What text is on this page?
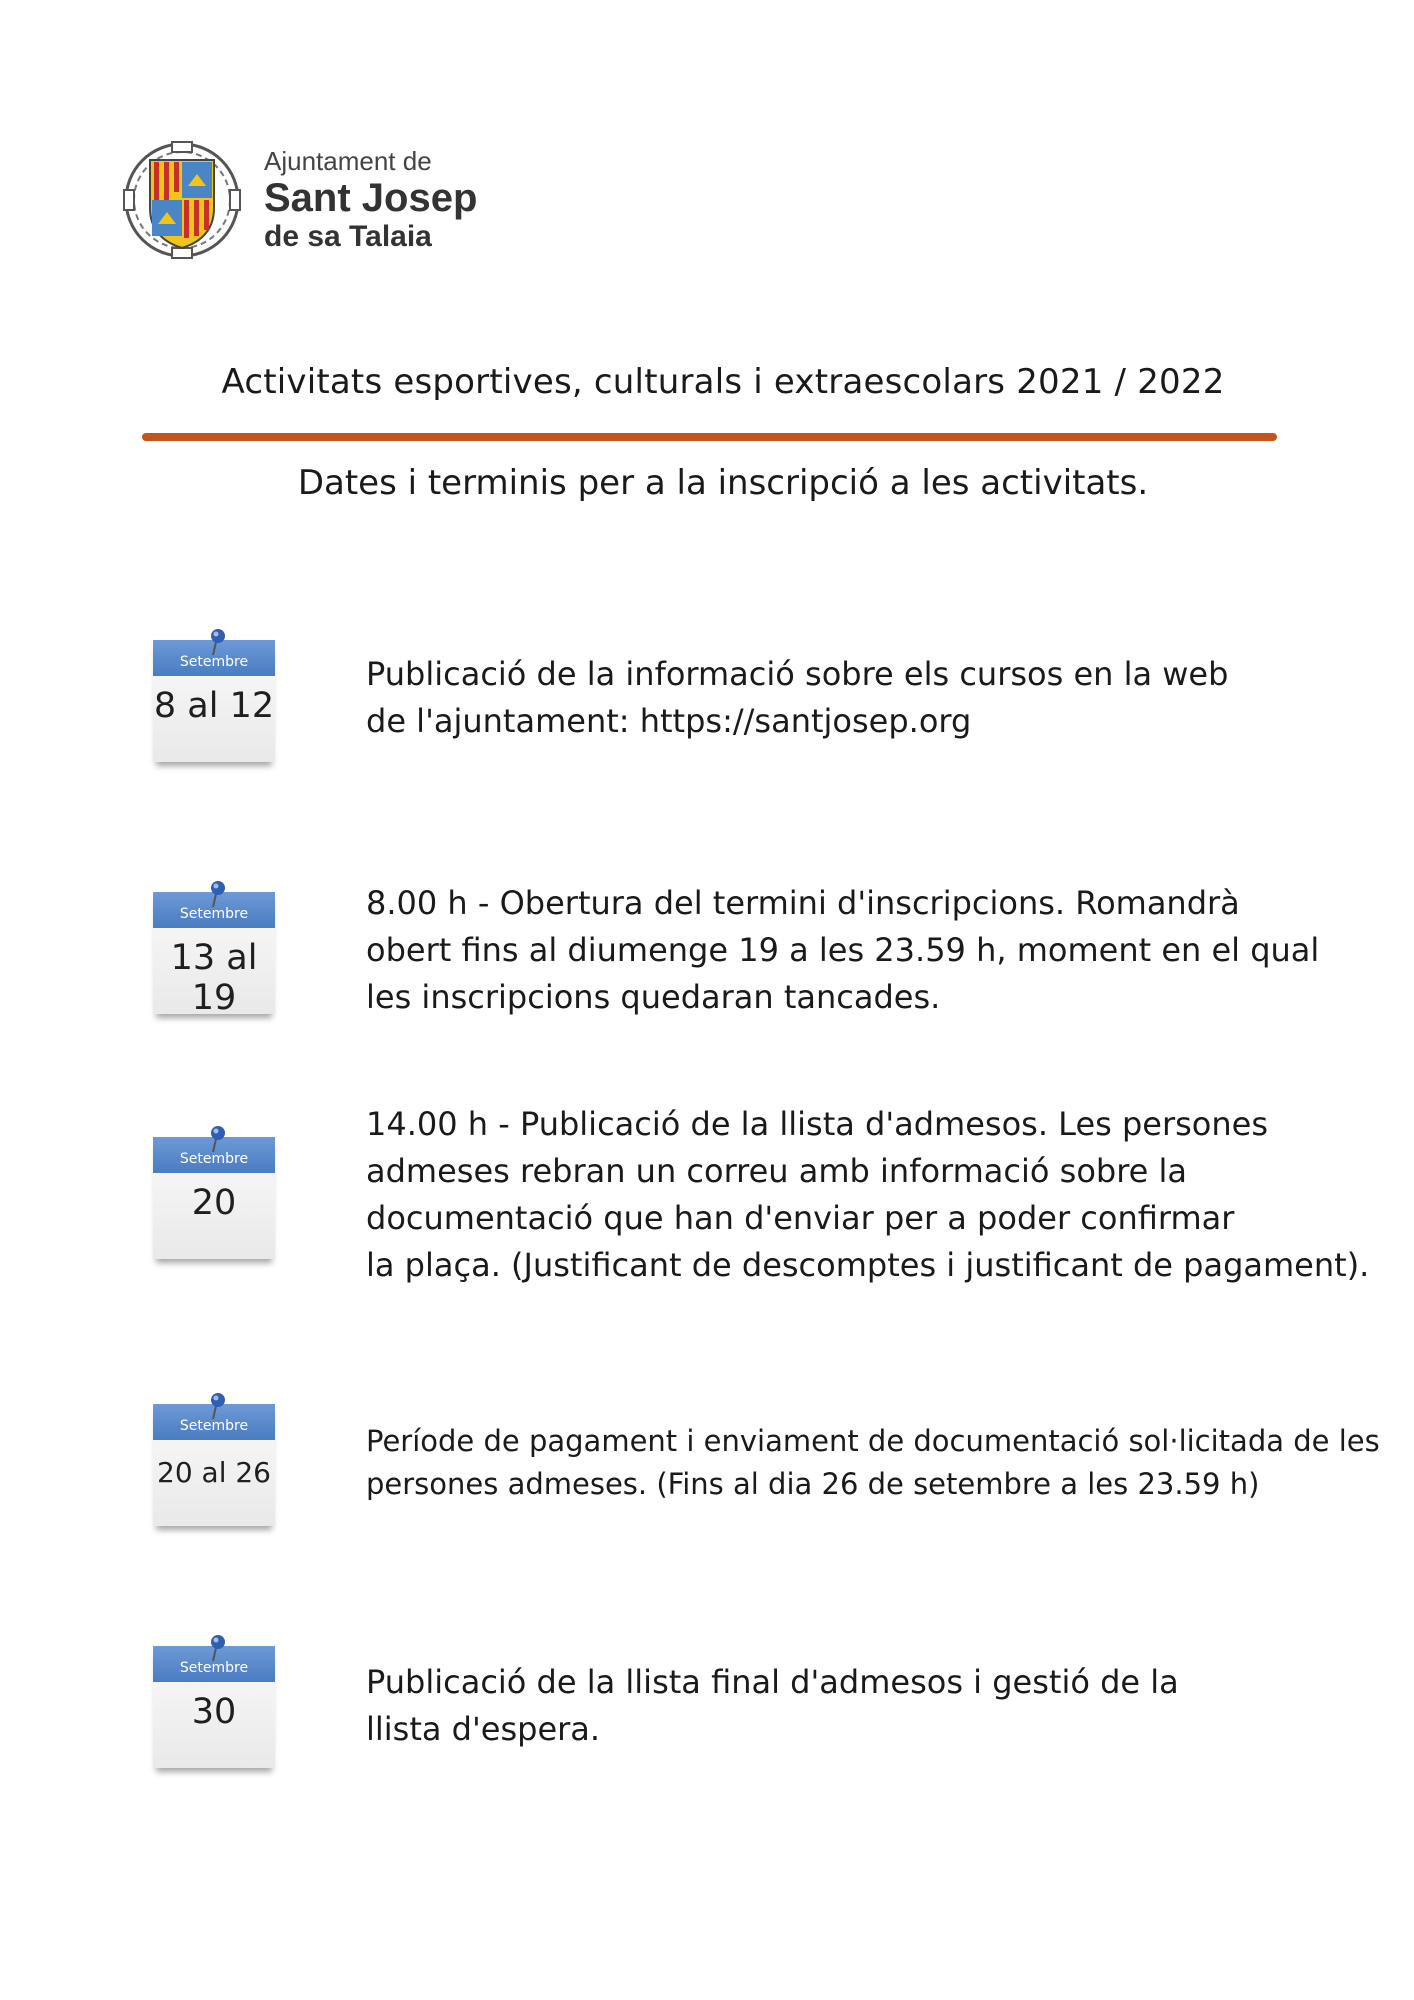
Ajuntament de
Sant Josep
de sa Talaia
Activitats esportives, culturals i extraescolars 2021 / 2022
Dates i terminis per a la inscripció a les activitats.
Setembre
8 al 12
Publicació de la informació sobre els cursos en la web
de l'ajuntament: https://santjosep.org
Setembre
13 al 19
8.00 h - Obertura del termini d'inscripcions. Romandrà
obert fins al diumenge 19 a les 23.59 h, moment en el qual
les inscripcions quedaran tancades.
Setembre
20
14.00 h - Publicació de la llista d'admesos. Les persones
admeses rebran un correu amb informació sobre la
documentació que han d'enviar per a poder confirmar
la plaça. (Justificant de descomptes i justificant de pagament).
Setembre
20 al 26
Període de pagament i enviament de documentació sol·licitada de les
persones admeses. (Fins al dia 26 de setembre a les 23.59 h)
Setembre
30
Publicació de la llista final d'admesos i gestió de la
llista d'espera.
